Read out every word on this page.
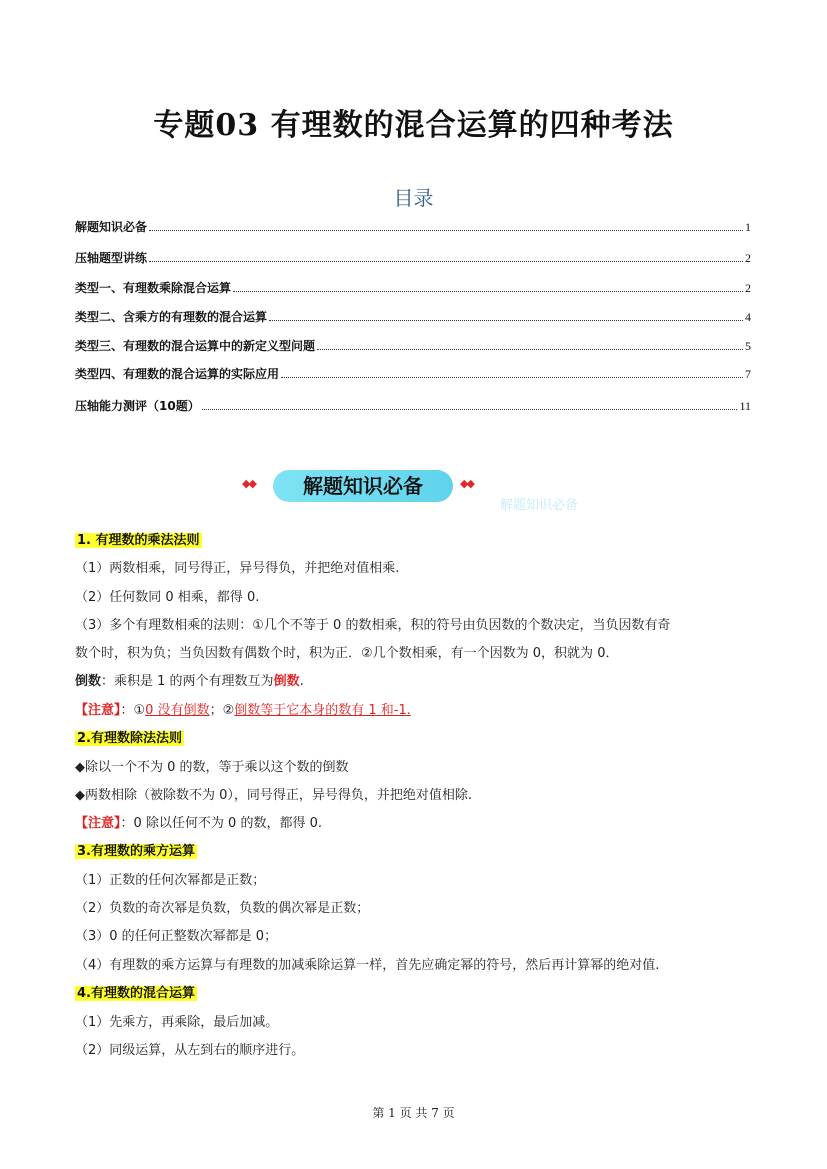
专题03 有理数的混合运算的四种考法
目录
解题知识必备	1
压轴题型讲练	2
类型一、有理数乘除混合运算	2
类型二、含乘方的有理数的混合运算	4
类型三、有理数的混合运算中的新定义型问题	5
类型四、有理数的混合运算的实际应用	7
压轴能力测评（10题）	11
◆◆	解题知识必备	◆◆
解题知识必备
1. 有理数的乘法法则
（1）两数相乘，同号得正，异号得负，并把绝对值相乘.
（2）任何数同 0 相乘，都得 0.
（3）多个有理数相乘的法则：①几个不等于 0 的数相乘，积的符号由负因数的个数决定，当负因数有奇
数个时，积为负；当负因数有偶数个时，积为正．②几个数相乘，有一个因数为 0，积就为 0．
倒数：乘积是 1 的两个有理数互为倒数.
【注意】：①0 没有倒数；②倒数等于它本身的数有 1 和-1.
2.有理数除法法则
◆除以一个不为 0 的数，等于乘以这个数的倒数
◆两数相除（被除数不为 0），同号得正，异号得负，并把绝对值相除.
【注意】：0 除以任何不为 0 的数，都得 0.
3.有理数的乘方运算
（1）正数的任何次幂都是正数；
（2）负数的奇次幂是负数，负数的偶次幂是正数；
（3）0 的任何正整数次幂都是 0；
（4）有理数的乘方运算与有理数的加减乘除运算一样，首先应确定幂的符号，然后再计算幂的绝对值.
4.有理数的混合运算
（1）先乘方，再乘除，最后加减。
（2）同级运算，从左到右的顺序进行。
第 1 页 共 7 页
